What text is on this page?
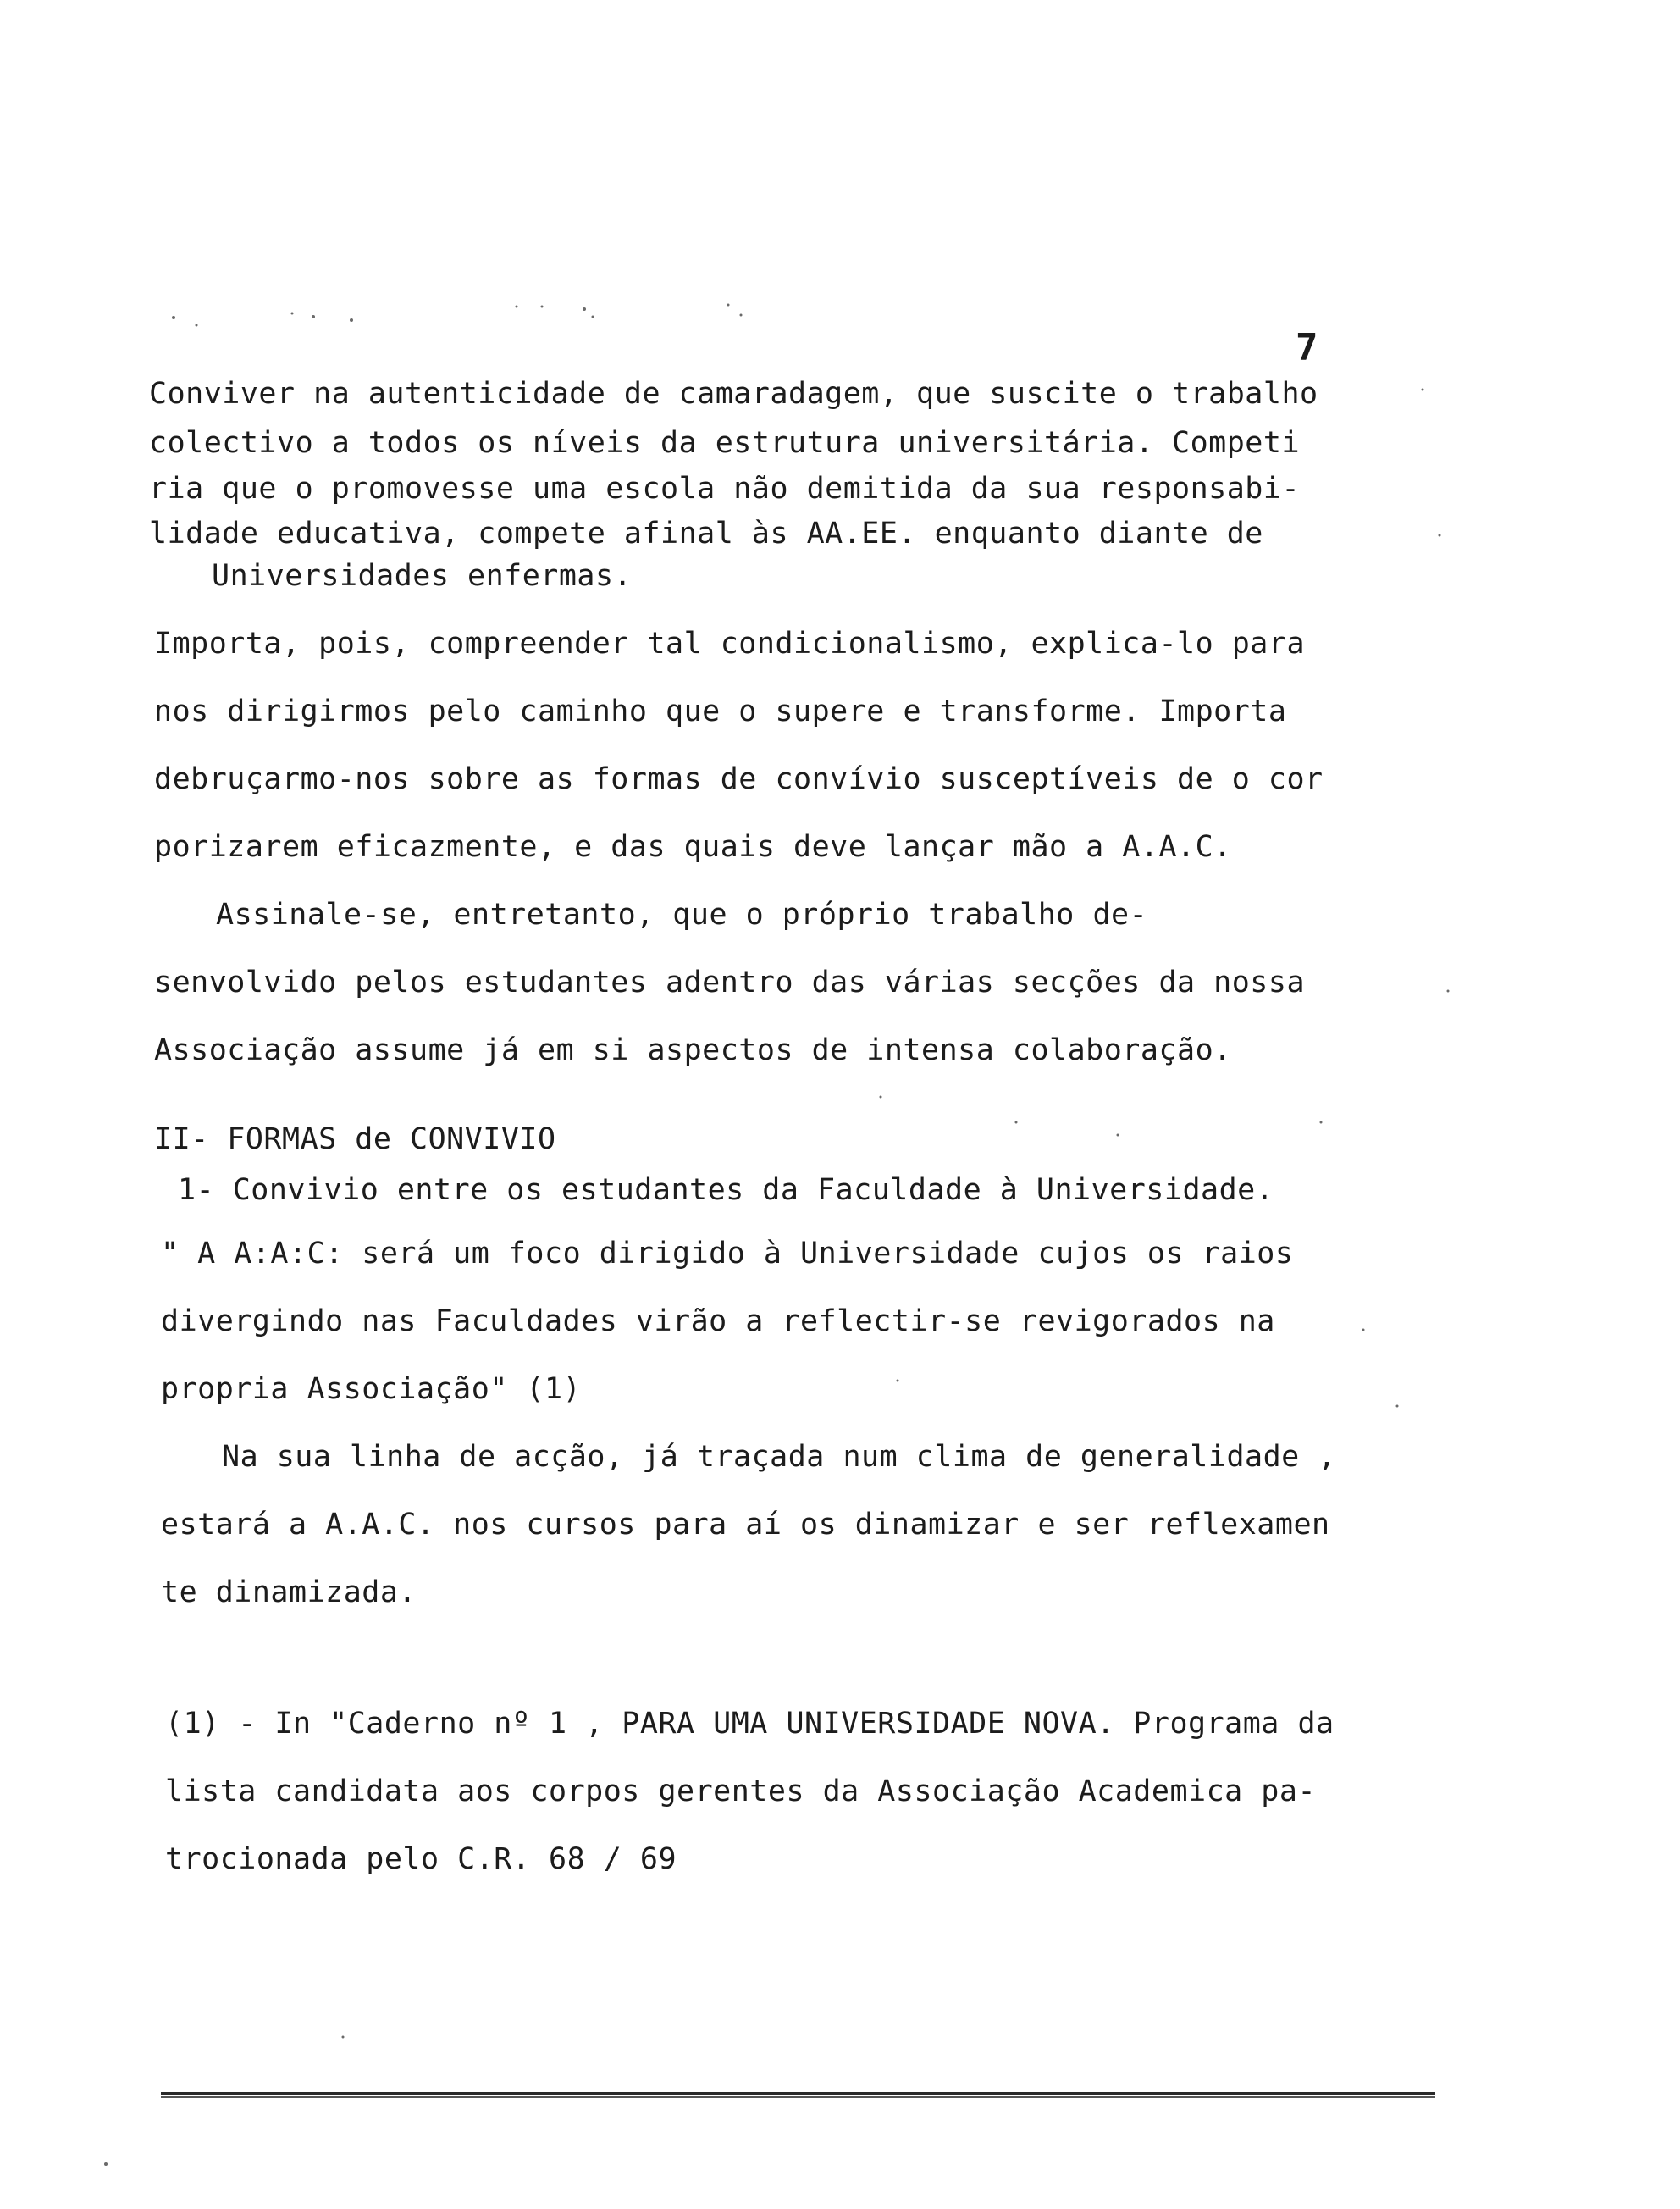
7
Conviver na autenticidade de camaradagem, que suscite o trabalho
colectivo a todos os níveis da estrutura universitária. Competi
ria que o promovesse uma escola não demitida da sua responsabi-
lidade educativa, compete afinal às AA.EE. enquanto diante de
Universidades enfermas.
Importa, pois, compreender tal condicionalismo, explica-lo para
nos dirigirmos pelo caminho que o supere e transforme. Importa
debruçarmo-nos sobre as formas de convívio susceptíveis de o cor
porizarem eficazmente, e das quais deve lançar mão a A.A.C.
Assinale-se, entretanto, que o próprio trabalho de-
senvolvido pelos estudantes adentro das várias secções da nossa
Associação assume já em si aspectos de intensa colaboração.
II- FORMAS de CONVIVIO
1- Convivio entre os estudantes da Faculdade à Universidade.
" A A:A:C: será um foco dirigido à Universidade cujos os raios
divergindo nas Faculdades virão a reflectir-se revigorados na
propria Associação" (1)
Na sua linha de acção, já traçada num clima de generalidade ,
estará a A.A.C. nos cursos para aí os dinamizar e ser reflexamen
te dinamizada.
(1) - In "Caderno nº 1 , PARA UMA UNIVERSIDADE NOVA. Programa da
lista candidata aos corpos gerentes da Associação Academica pa-
trocionada pelo C.R. 68 / 69
